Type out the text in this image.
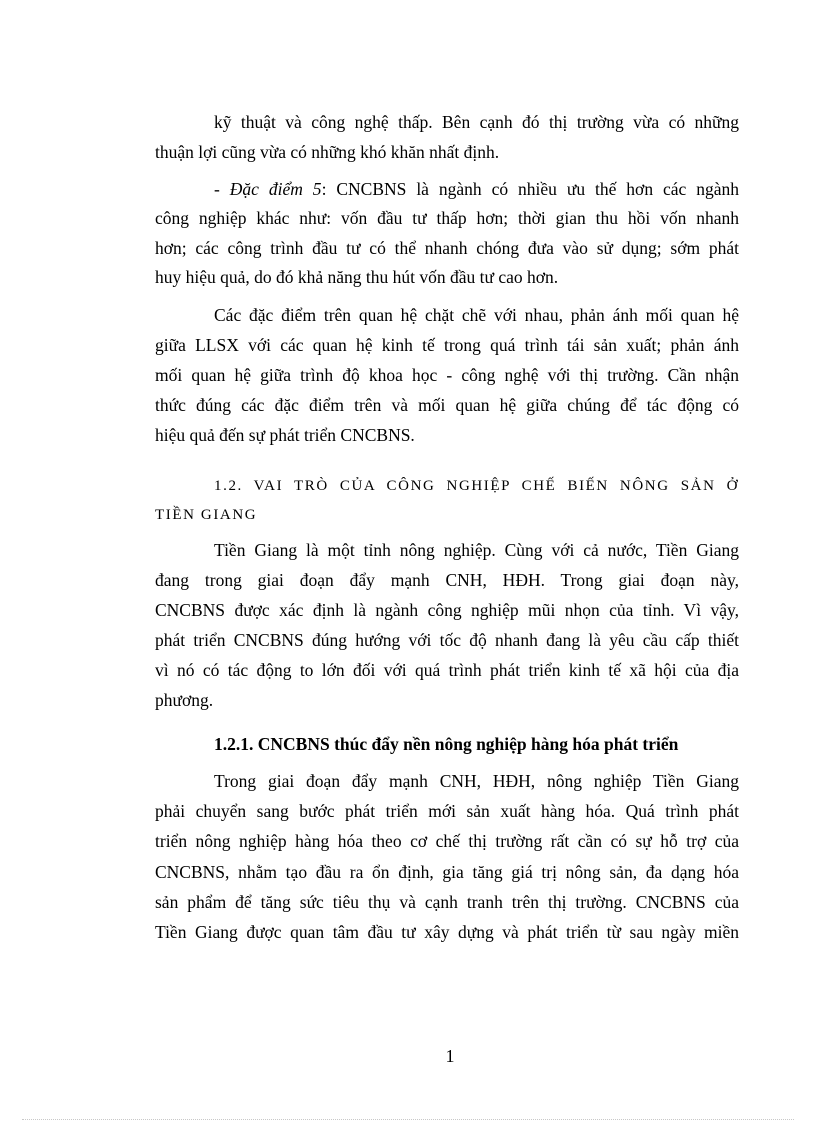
kỹ thuật và công nghệ thấp. Bên cạnh đó thị trường vừa có những
thuận lợi cũng vừa có những khó khăn nhất định.
- Đặc điểm 5: CNCBNS là ngành có nhiều ưu thế hơn các ngành
công nghiệp khác như: vốn đầu tư thấp hơn; thời gian thu hồi vốn nhanh
hơn; các công trình đầu tư có thể nhanh chóng đưa vào sử dụng; sớm phát
huy hiệu quả, do đó khả năng thu hút vốn đầu tư cao hơn.
Các đặc điểm trên quan hệ chặt chẽ với nhau, phản ánh mối quan hệ
giữa LLSX với các quan hệ kinh tế trong quá trình tái sản xuất; phản ánh
mối quan hệ giữa trình độ khoa học - công nghệ với thị trường. Cần nhận
thức đúng các đặc điểm trên và mối quan hệ giữa chúng để tác động có
hiệu quả đến sự phát triển CNCBNS.
1.2. VAI TRÒ CỦA CÔNG NGHIỆP CHẾ BIẾN NÔNG SẢN Ở
TIỀN GIANG
Tiền Giang là một tỉnh nông nghiệp. Cùng với cả nước, Tiền Giang
đang trong giai đoạn đẩy mạnh CNH, HĐH. Trong giai đoạn này,
CNCBNS được xác định là ngành công nghiệp mũi nhọn của tỉnh. Vì vậy,
phát triển CNCBNS đúng hướng với tốc độ nhanh đang là yêu cầu cấp thiết
vì nó có tác động to lớn đối với quá trình phát triển kinh tế xã hội của địa
phương.
1.2.1. CNCBNS thúc đẩy nền nông nghiệp hàng hóa phát triển
Trong giai đoạn đẩy mạnh CNH, HĐH, nông nghiệp Tiền Giang
phải chuyển sang bước phát triển mới sản xuất hàng hóa. Quá trình phát
triển nông nghiệp hàng hóa theo cơ chế thị trường rất cần có sự hỗ trợ của
CNCBNS, nhằm tạo đầu ra ổn định, gia tăng giá trị nông sản, đa dạng hóa
sản phẩm để tăng sức tiêu thụ và cạnh tranh trên thị trường. CNCBNS của
Tiền Giang được quan tâm đầu tư xây dựng và phát triển từ sau ngày miền
1
